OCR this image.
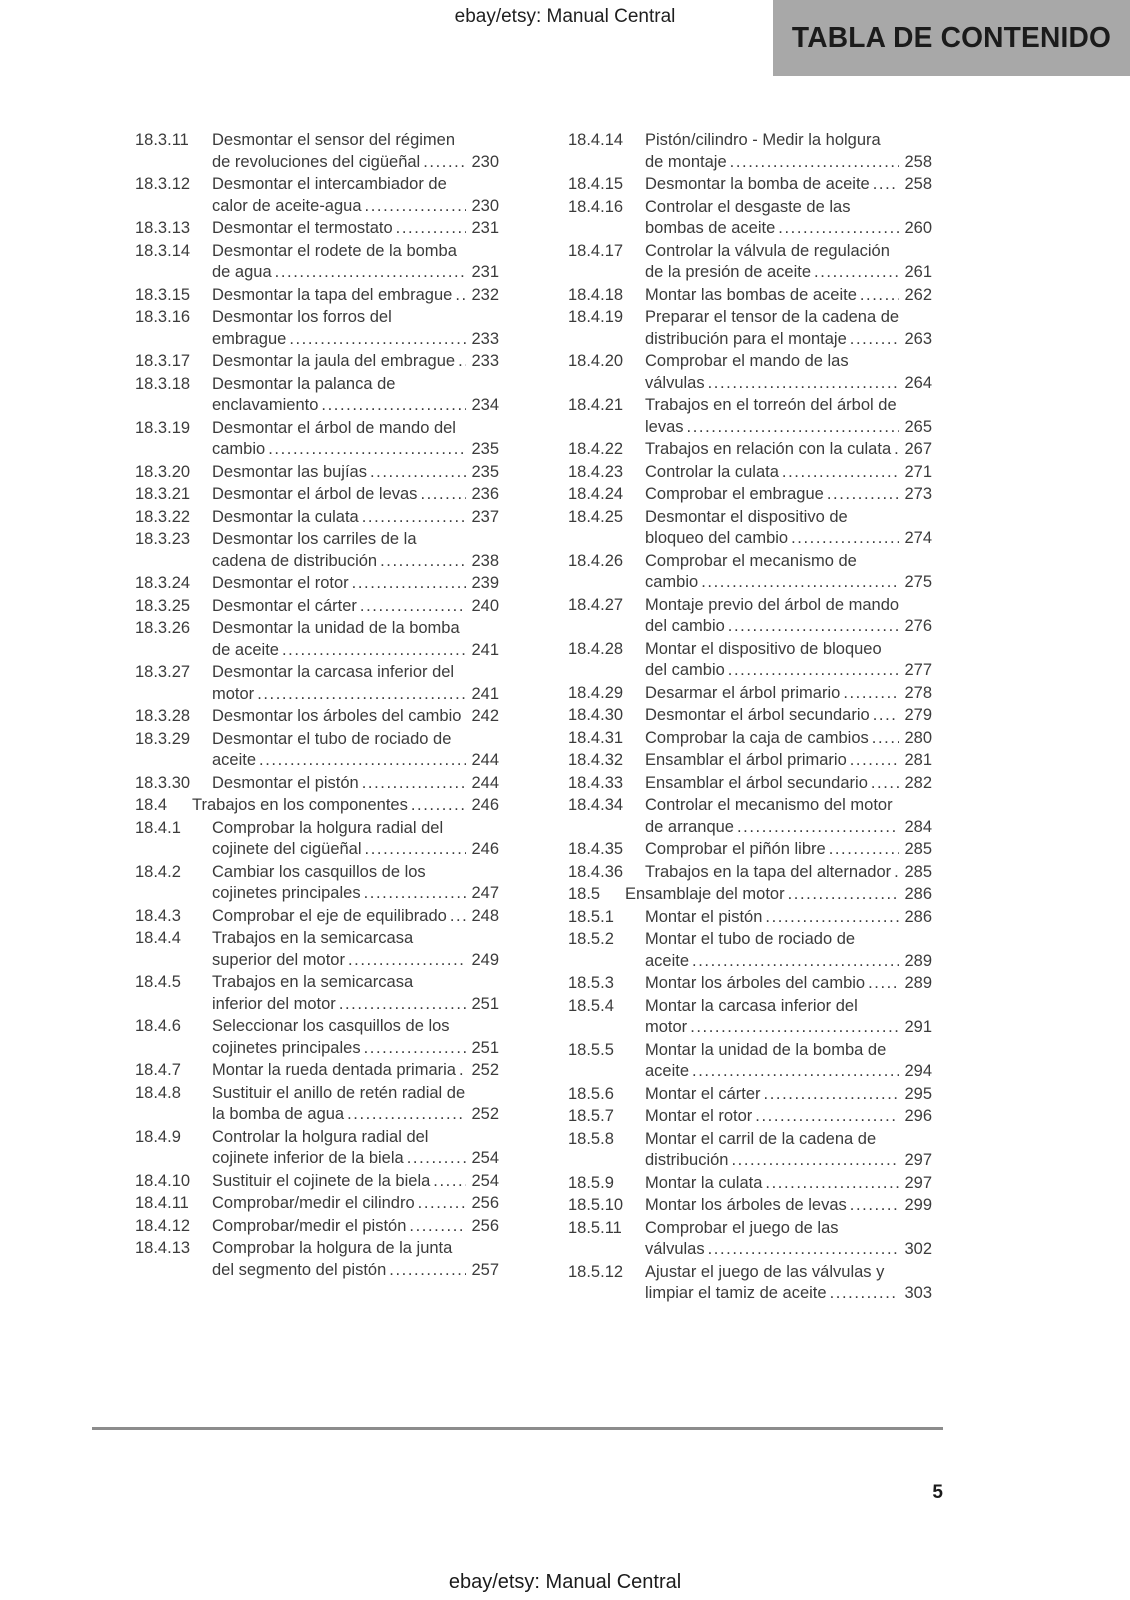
ebay/etsy: Manual Central
TABLA DE CONTENIDO
18.3.11	Desmontar el sensor del régimen de revoluciones del cigüeñal .....	230
18.3.12	Desmontar el intercambiador de calor de aceite-agua .....	230
18.3.13	Desmontar el termostato .....	231
18.3.14	Desmontar el rodete de la bomba de agua .....	231
18.3.15	Desmontar la tapa del embrague .....	232
18.3.16	Desmontar los forros del embrague .....	233
18.3.17	Desmontar la jaula del embrague ..... 233
18.3.18	Desmontar la palanca de enclavamiento .....	234
18.3.19	Desmontar el árbol de mando del cambio .....	235
18.3.20	Desmontar las bujías .....	235
18.3.21	Desmontar el árbol de levas .....	236
18.3.22	Desmontar la culata .....	237
18.3.23	Desmontar los carriles de la cadena de distribución .....	238
18.3.24	Desmontar el rotor .....	239
18.3.25	Desmontar el cárter .....	240
18.3.26	Desmontar la unidad de la bomba de aceite .....	241
18.3.27	Desmontar la carcasa inferior del motor .....	241
18.3.28	Desmontar los árboles del cambio ..... 242
18.3.29	Desmontar el tubo de rociado de aceite .....	244
18.3.30	Desmontar el pistón .....	244
18.4	Trabajos en los componentes .....	246
18.4.1	Comprobar la holgura radial del cojinete del cigüeñal .....	246
18.4.2	Cambiar los casquillos de los cojinetes principales .....	247
18.4.3	Comprobar el eje de equilibrado .....	248
18.4.4	Trabajos en la semicarcasa superior del motor .....	249
18.4.5	Trabajos en la semicarcasa inferior del motor .....	251
18.4.6	Seleccionar los casquillos de los cojinetes principales .....	251
18.4.7	Montar la rueda dentada primaria ..... 252
18.4.8	Sustituir el anillo de retén radial de la bomba de agua .....	252
18.4.9	Controlar la holgura radial del cojinete inferior de la biela .....	254
18.4.10	Sustituir el cojinete de la biela .....	254
18.4.11	Comprobar/medir el cilindro .....	256
18.4.12	Comprobar/medir el pistón .....	256
18.4.13	Comprobar la holgura de la junta del segmento del pistón .....	257
18.4.14	Pistón/cilindro - Medir la holgura de montaje .....	258
18.4.15	Desmontar la bomba de aceite .....	258
18.4.16	Controlar el desgaste de las bombas de aceite .....	260
18.4.17	Controlar la válvula de regulación de la presión de aceite .....	261
18.4.18	Montar las bombas de aceite .....	262
18.4.19	Preparar el tensor de la cadena de distribución para el montaje .....	263
18.4.20	Comprobar el mando de las válvulas .....	264
18.4.21	Trabajos en el torreón del árbol de levas .....	265
18.4.22	Trabajos en relación con la culata ..... 267
18.4.23	Controlar la culata .....	271
18.4.24	Comprobar el embrague .....	273
18.4.25	Desmontar el dispositivo de bloqueo del cambio .....	274
18.4.26	Comprobar el mecanismo de cambio .....	275
18.4.27	Montaje previo del árbol de mando del cambio .....	276
18.4.28	Montar el dispositivo de bloqueo del cambio .....	277
18.4.29	Desarmar el árbol primario .....	278
18.4.30	Desmontar el árbol secundario .....	279
18.4.31	Comprobar la caja de cambios .....	280
18.4.32	Ensamblar el árbol primario .....	281
18.4.33	Ensamblar el árbol secundario .....	282
18.4.34	Controlar el mecanismo del motor de arranque .....	284
18.4.35	Comprobar el piñón libre .....	285
18.4.36	Trabajos en la tapa del alternador ..... 285
18.5	Ensamblaje del motor .....	286
18.5.1	Montar el pistón .....	286
18.5.2	Montar el tubo de rociado de aceite .....	289
18.5.3	Montar los árboles del cambio .....	289
18.5.4	Montar la carcasa inferior del motor .....	291
18.5.5	Montar la unidad de la bomba de aceite .....	294
18.5.6	Montar el cárter .....	295
18.5.7	Montar el rotor .....	296
18.5.8	Montar el carril de la cadena de distribución .....	297
18.5.9	Montar la culata .....	297
18.5.10	Montar los árboles de levas .....	299
18.5.11	Comprobar el juego de las válvulas .....	302
18.5.12	Ajustar el juego de las válvulas y limpiar el tamiz de aceite .....	303
5
ebay/etsy: Manual Central
